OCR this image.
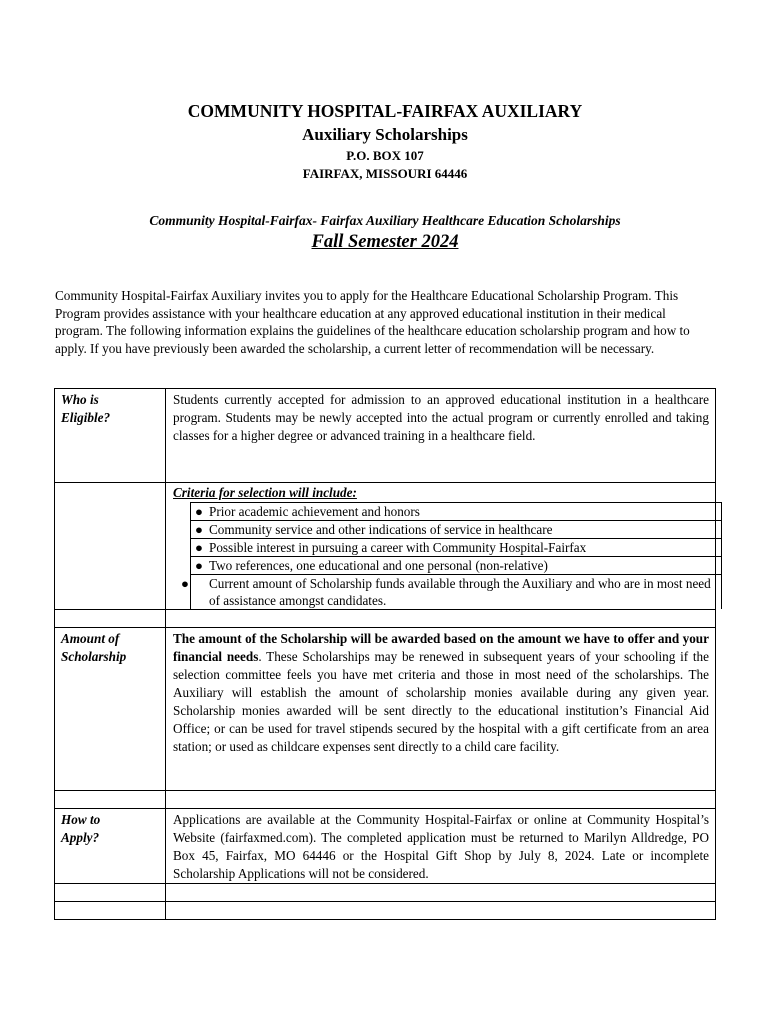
COMMUNITY HOSPITAL-FAIRFAX AUXILIARY
Auxiliary Scholarships
P.O. BOX 107
FAIRFAX, MISSOURI 64446
Community Hospital-Fairfax- Fairfax Auxiliary Healthcare Education Scholarships
Fall Semester 2024

Community Hospital-Fairfax Auxiliary invites you to apply for the Healthcare Educational Scholarship Program. This Program provides assistance with your healthcare education at any approved educational institution in their medical program. The following information explains the guidelines of the healthcare education scholarship program and how to apply. If you have previously been awarded the scholarship, a current letter of recommendation will be necessary.

Who is
Eligible?	Students currently accepted for admission to an approved educational institution in a healthcare program. Students may be newly accepted into the actual program or currently enrolled and taking classes for a higher degree or advanced training in a healthcare field.

Criteria for selection will include:
● Prior academic achievement and honors
● Community service and other indications of service in healthcare
● Possible interest in pursuing a career with Community Hospital-Fairfax
● Two references, one educational and one personal (non-relative)
● Current amount of Scholarship funds available through the Auxiliary and who are in most need of assistance amongst candidates.

Amount of
Scholarship	The amount of the Scholarship will be awarded based on the amount we have to offer and your financial needs. These Scholarships may be renewed in subsequent years of your schooling if the selection committee feels you have met criteria and those in most need of the scholarships. The Auxiliary will establish the amount of scholarship monies available during any given year. Scholarship monies awarded will be sent directly to the educational institution’s Financial Aid Office; or can be used for travel stipends secured by the hospital with a gift certificate from an area station; or used as childcare expenses sent directly to a child care facility.

How to
Apply?	Applications are available at the Community Hospital-Fairfax or online at Community Hospital’s Website (fairfaxmed.com). The completed application must be returned to Marilyn Alldredge, PO Box 45, Fairfax, MO 64446 or the Hospital Gift Shop by July 8, 2024. Late or incomplete Scholarship Applications will not be considered.
